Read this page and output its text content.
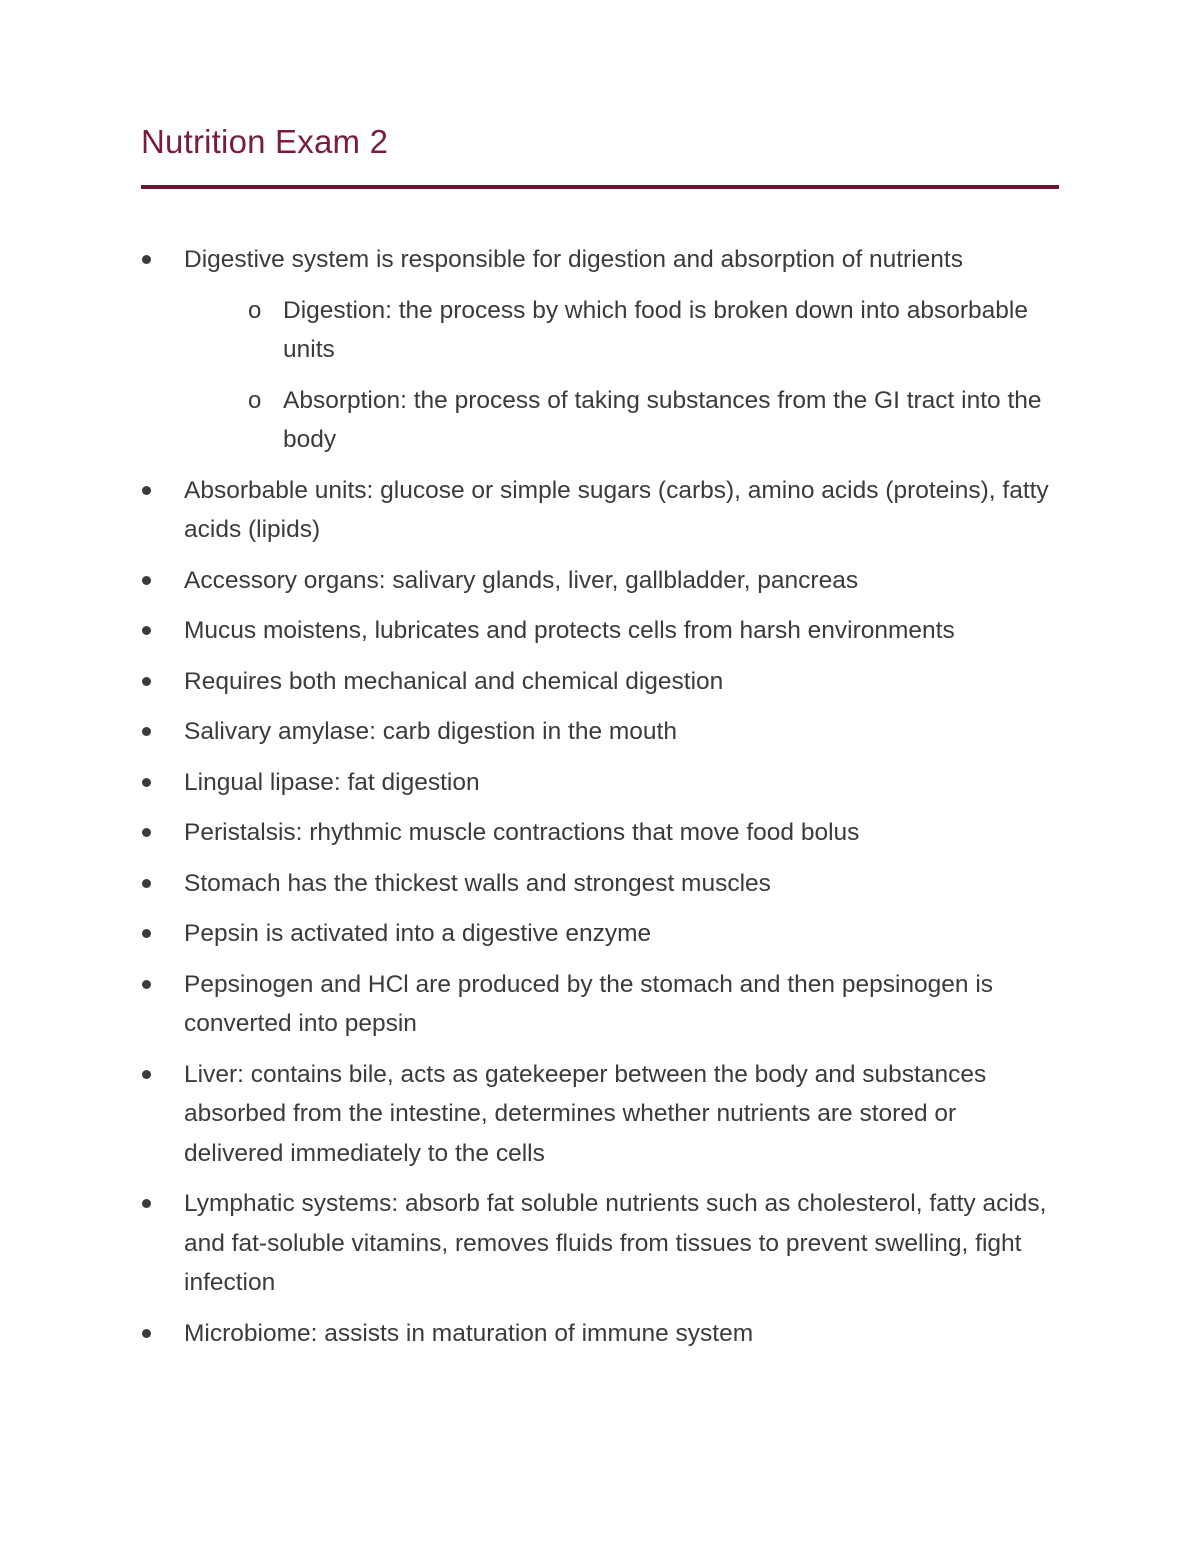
Nutrition Exam 2
Digestive system is responsible for digestion and absorption of nutrients
o Digestion: the process by which food is broken down into absorbable units
o Absorption: the process of taking substances from the GI tract into the body
Absorbable units: glucose or simple sugars (carbs), amino acids (proteins), fatty acids (lipids)
Accessory organs: salivary glands, liver, gallbladder, pancreas
Mucus moistens, lubricates and protects cells from harsh environments
Requires both mechanical and chemical digestion
Salivary amylase: carb digestion in the mouth
Lingual lipase: fat digestion
Peristalsis: rhythmic muscle contractions that move food bolus
Stomach has the thickest walls and strongest muscles
Pepsin is activated into a digestive enzyme
Pepsinogen and HCl are produced by the stomach and then pepsinogen is converted into pepsin
Liver: contains bile, acts as gatekeeper between the body and substances absorbed from the intestine, determines whether nutrients are stored or delivered immediately to the cells
Lymphatic systems: absorb fat soluble nutrients such as cholesterol, fatty acids, and fat-soluble vitamins, removes fluids from tissues to prevent swelling, fight infection
Microbiome: assists in maturation of immune system
